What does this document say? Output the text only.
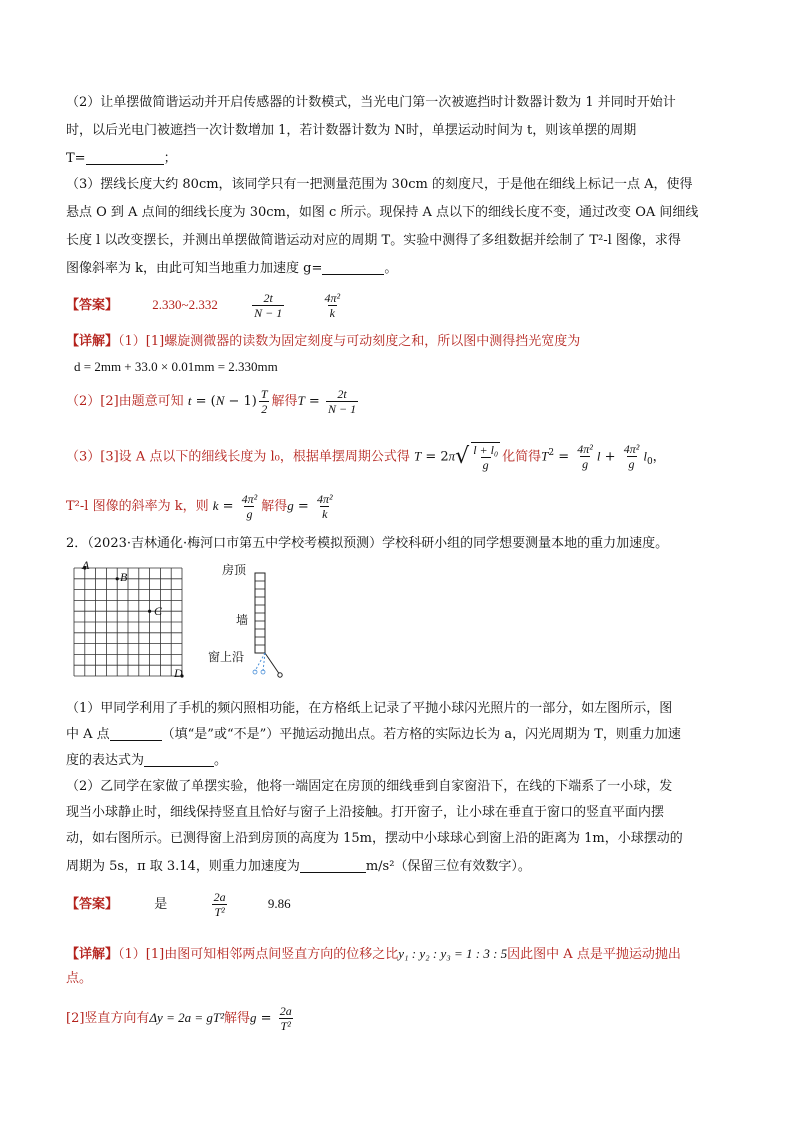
（2）让单摆做简谐运动并开启传感器的计数模式，当光电门第一次被遮挡时计数器计数为 1 并同时开始计
时，以后光电门被遮挡一次计数增加 1，若计数器计数为 N时，单摆运动时间为 t，则该单摆的周期
T=	；
（3）摆线长度大约 80cm，该同学只有一把测量范围为 30cm 的刻度尺，于是他在细线上标记一点 A，使得
悬点 O 到 A 点间的细线长度为 30cm，如图 c 所示。现保持 A 点以下的细线长度不变，通过改变 OA 间细线
长度 l 以改变摆长，并测出单摆做简谐运动对应的周期 T。实验中测得了多组数据并绘制了 T²-l 图像，求得
图像斜率为 k，由此可知当地重力加速度 g=	。
【答案】	2.330~2.332	$\frac{2t}{N - 1}$
	$\frac{\text{4π²}}{k}$
【详解】（1）[1]螺旋测微器的读数为固定刻度与可动刻度之和，所以图中测得挡光宽度为
d = 2mm + 33.0 × 0.01mm = 2.330mm
（2）[2]由题意可知 $t = (N - 1) \frac{T}{2}$ 解得$T = \frac{2t}{N - 1}$
（3）[3]设 A 点以下的细线长度为 l₀，根据单摆周期公式得 $T = 2\pi√ \frac{\text{l + l₀}}{g}$ 化简得$T^2 = \frac{\text{4π²}}{g}$ $l + \frac{\text{4π²}}{g} l_0$，
T²-l 图像的斜率为 k，则 $k = \frac{\text{4π²}}{g}$ 解得$g = \frac{\text{4π²}}{k}$
2．（2023·吉林通化·梅河口市第五中学校考模拟预测）学校科研小组的同学想要测量本地的重力加速度。
A
B
C
D
房顶
墙
窗上沿
（1）甲同学利用了手机的频闪照相功能，在方格纸上记录了平抛小球闪光照片的一部分，如左图所示，图
中 A 点	（填“是”或“不是”）平抛运动抛出点。若方格的实际边长为 a，闪光周期为 T，则重力加速
度的表达式为	。
（2）乙同学在家做了单摆实验，他将一端固定在房顶的细线垂到自家窗沿下，在线的下端系了一小球，发
现当小球静止时，细线保持竖直且恰好与窗子上沿接触。打开窗子，让小球在垂直于窗口的竖直平面内摆
动，如右图所示。已测得窗上沿到房顶的高度为 15m，摆动中小球球心到窗上沿的距离为 1m，小球摆动的
周期为 5s，π 取 3.14，则重力加速度为	m/s²（保留三位有效数字）。
【答案】	是	$\frac{2a}{\text{T²}}$	9.86
【详解】（1）[1]由图可知相邻两点间竖直方向的位移之比y₁ : y₂ : y₃ = 1 : 3 : 5因此图中 A 点是平抛运动抛出
点。
[2]竖直方向有Δy = 2a = gT²解得$g = \frac{2a}{\text{T²}}$
